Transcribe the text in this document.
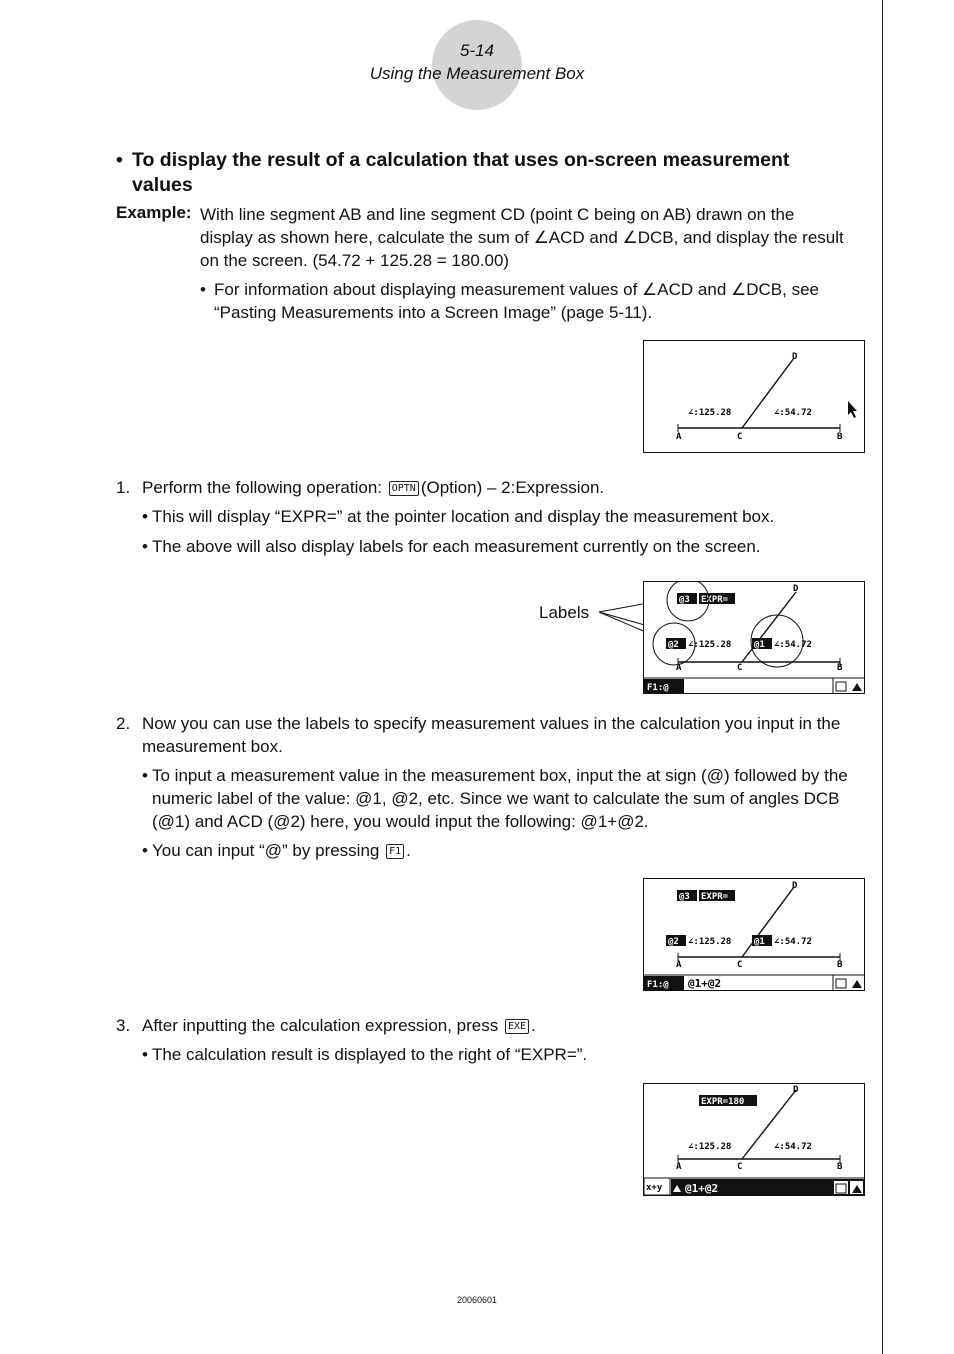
5-14
Using the Measurement Box
• To display the result of a calculation that uses on-screen measurement values
Example: With line segment AB and line segment CD (point C being on AB) drawn on the display as shown here, calculate the sum of ∠ACD and ∠DCB, and display the result on the screen. (54.72 + 125.28 = 180.00)
• For information about displaying measurement values of ∠ACD and ∠DCB, see “Pasting Measurements into a Screen Image” (page 5-11).
A	B
C
D
∠:125.28	∠:54.72
1. Perform the following operation: OPTN (Option) – 2:Expression.
• This will display “EXPR=” at the pointer location and display the measurement box.
• The above will also display labels for each measurement currently on the screen.
Labels
A	B
C
D
@3 EXPR=
@2 ∠:125.28	@1 ∠:54.72
F1:@
2. Now you can use the labels to specify measurement values in the calculation you input in the measurement box.
• To input a measurement value in the measurement box, input the at sign (@) followed by the numeric label of the value: @1, @2, etc. Since we want to calculate the sum of angles DCB (@1) and ACD (@2) here, you would input the following: @1+@2.
• You can input “@” by pressing F1 .
A	B
C
D
@3 EXPR=
@2 ∠:125.28	@1 ∠:54.72
F1:@ @1+@2
3. After inputting the calculation expression, press EXE .
• The calculation result is displayed to the right of “EXPR=”.
A	B
C
D
EXPR=180
∠:125.28	∠:54.72
x+y @1+@2
20060601
